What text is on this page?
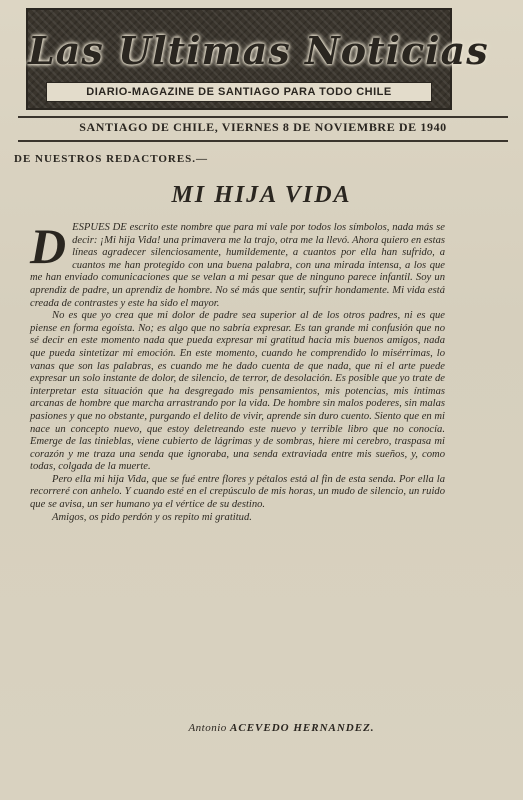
Las Ultimas Noticias
DIARIO-MAGAZINE DE SANTIAGO PARA TODO CHILE
SANTIAGO DE CHILE, VIERNES 8 DE NOVIEMBRE DE 1940
DE NUESTROS REDACTORES.—
MI HIJA VIDA

DESPUES DE escrito este nombre que para mi vale por todos los símbolos, nada más se decir: ¡Mi hija Vida! una primavera me la trajo, otra me la llevó. Ahora quiero en estas líneas agradecer silenciosamente, humildemente, a cuantos por ella han sufrido, a cuantos me han protegido con una buena palabra, con una mirada intensa, a los que me han enviado comunicaciones que se velan a mi pesar que de ninguno parece infantil. Soy un aprendiz de padre, un aprendiz de hombre. No sé más que sentir, sufrir hondamente. Mi vida está creada de contrastes y este ha sido el mayor.

No es que yo crea que mi dolor de padre sea superior al de los otros padres, ni es que piense en forma egoísta. No; es algo que no sabría expresar. Es tan grande mi confusión que no sé decir en este momento nada que pueda expresar mi gratitud hacia mis buenos amigos, nada que pueda sintetizar mi emoción. En este momento, cuando he comprendido lo misérrimas, lo vanas que son las palabras, es cuando me he dado cuenta de que nada, que ni el arte puede expresar un solo instante de dolor, de silencio, de terror, de desolación. Es posible que yo trate de interpretar esta situación que ha desgregado mis pensamientos, mis potencias, mis íntimas arcanas de hombre que marcha arrastrando por la vida. De hombre sin malos poderes, sin malas pasiones y que no obstante, purgando el delito de vivir, aprende sin duro cuento. Siento que en mi nace un concepto nuevo, que estoy deletreando este nuevo y terrible libro que no conocía. Emerge de las tinieblas, viene cubierto de lágrimas y de sombras, hiere mi cerebro, traspasa mi corazón y me traza una senda que ignoraba, una senda extraviada entre mis sueños, y, como todas, colgada de la muerte.

Pero ella mi hija Vida, que se fué entre flores y pétalos está al fin de esta senda. Por ella la recorreré con anhelo. Y cuando esté en el crepúsculo de mis horas, un mudo de silencio, un ruido que se avisa, un ser humano ya el vértice de su destino.

Amigos, os pido perdón y os repito mi gratitud.

Antonio ACEVEDO HERNANDEZ.
